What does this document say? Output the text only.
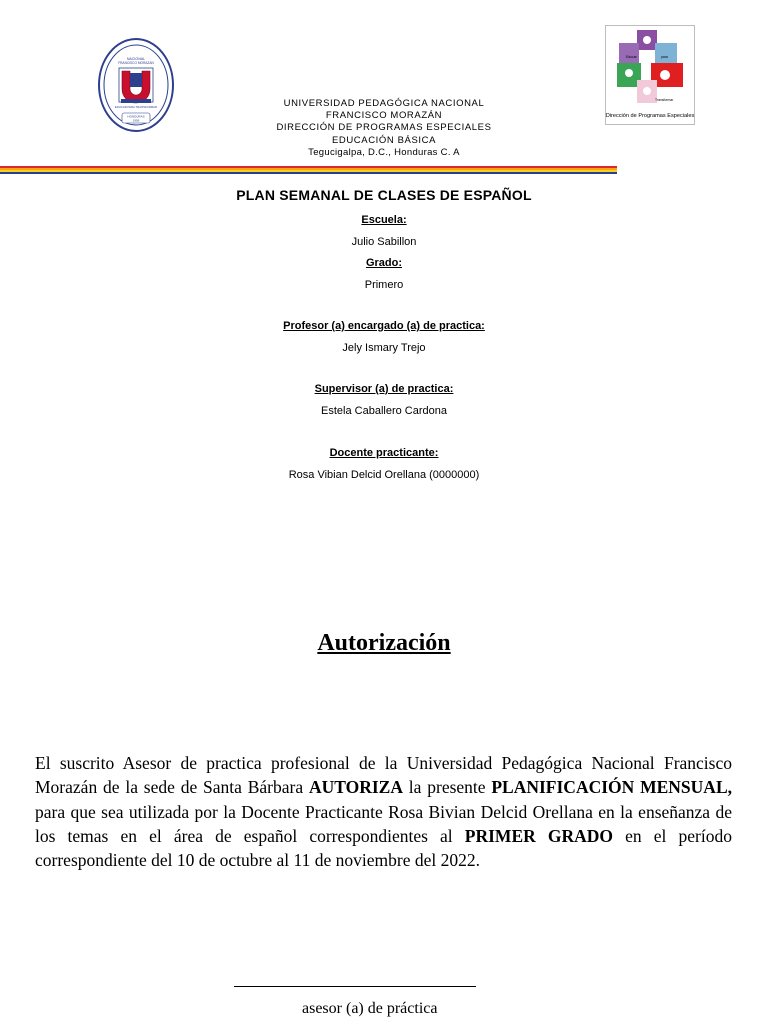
NACIONAL
FRANCISCO MORAZAN
EDUCAR PARA TRANSFORMAR
HONDURAS
1956
Educar	para
Transformar
Dirección de Programas Especiales
UNIVERSIDAD PEDAGÓGICA NACIONAL
FRANCISCO MORAZÁN
DIRECCIÓN DE PROGRAMAS ESPECIALES
EDUCACIÓN BÁSICA
Tegucigalpa, D.C., Honduras C. A
PLAN SEMANAL DE CLASES DE ESPAÑOL
Escuela:
Julio Sabillon
Grado:
Primero
Profesor (a) encargado (a) de practica:
Jely Ismary Trejo
Supervisor (a) de practica:
Estela Caballero Cardona
Docente practicante:
Rosa Vibian Delcid Orellana (0000000)
Autorización
El suscrito Asesor de practica profesional de la Universidad Pedagógica Nacional Francisco Morazán de la sede de Santa Bárbara AUTORIZA la presente PLANIFICACIÓN MENSUAL, para que sea utilizada por la Docente Practicante Rosa Bivian Delcid Orellana en la enseñanza de los temas en el área de español correspondientes al PRIMER GRADO en el período correspondiente del 10 de octubre al 11 de noviembre del 2022.
asesor (a) de práctica
